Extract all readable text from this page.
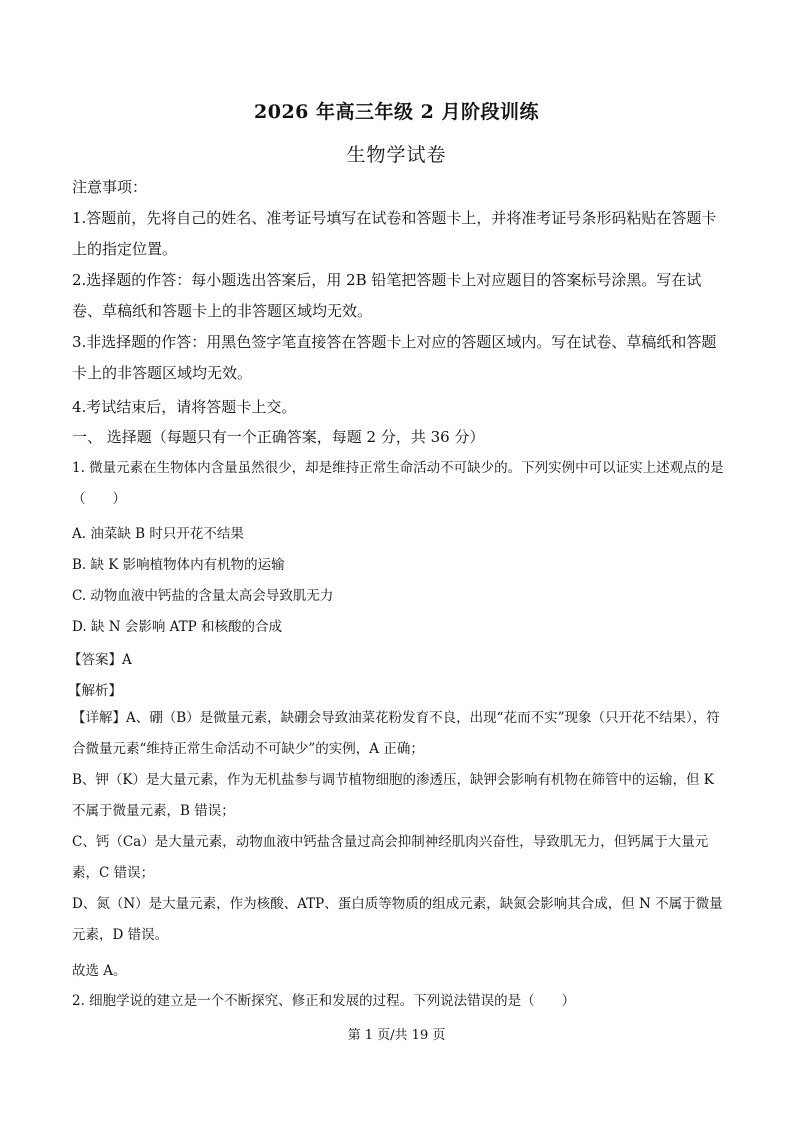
2026 年高三年级 2 月阶段训练
生物学试卷
注意事项：
1.答题前，先将自己的姓名、准考证号填写在试卷和答题卡上，并将准考证号条形码粘贴在答题卡上的指定位置。
2.选择题的作答：每小题选出答案后，用 2B 铅笔把答题卡上对应题目的答案标号涂黑。写在试卷、草稿纸和答题卡上的非答题区域均无效。
3.非选择题的作答：用黑色签字笔直接答在答题卡上对应的答题区域内。写在试卷、草稿纸和答题卡上的非答题区域均无效。
4.考试结束后，请将答题卡上交。
一、 选择题（每题只有一个正确答案，每题 2 分，共 36 分）
1. 微量元素在生物体内含量虽然很少，却是维持正常生命活动不可缺少的。下列实例中可以证实上述观点的是（　　）
A. 油菜缺 B 时只开花不结果
B. 缺 K 影响植物体内有机物的运输
C. 动物血液中钙盐的含量太高会导致肌无力
D. 缺 N 会影响 ATP 和核酸的合成
【答案】A
【解析】
【详解】A、硼（B）是微量元素，缺硼会导致油菜花粉发育不良，出现“花而不实”现象（只开花不结果），符合微量元素“维持正常生命活动不可缺少”的实例，A 正确；
B、钾（K）是大量元素，作为无机盐参与调节植物细胞的渗透压，缺钾会影响有机物在筛管中的运输，但 K 不属于微量元素，B 错误；
C、钙（Ca）是大量元素，动物血液中钙盐含量过高会抑制神经肌肉兴奋性，导致肌无力，但钙属于大量元素，C 错误；
D、氮（N）是大量元素，作为核酸、ATP、蛋白质等物质的组成元素，缺氮会影响其合成，但 N 不属于微量元素，D 错误。
故选 A。
2. 细胞学说的建立是一个不断探究、修正和发展的过程。下列说法错误的是（　　）
第 1 页/共 19 页
